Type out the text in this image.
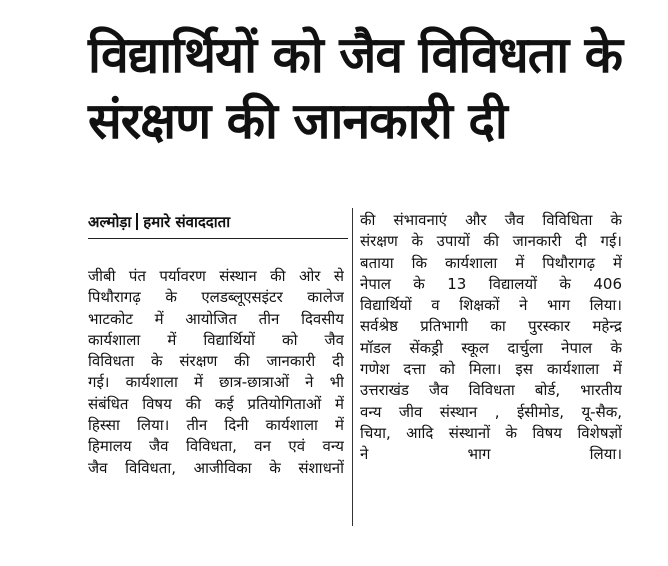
विद्यार्थियों को जैव विविधता के
संरक्षण की जानकारी दी
अल्मोड़ा हमारे संवाददाता
जीबी पंत पर्यावरण संस्थान की ओर से
पिथौरागढ़ के एलडब्लूएसइंटर कालेज
भाटकोट में आयोजित तीन दिवसीय
कार्यशाला में विद्यार्थियों को जैव
विविधता के संरक्षण की जानकारी दी
गई। कार्यशाला में छात्र-छात्राओं ने भी
संबंधित विषय की कई प्रतियोगिताओं में
हिस्सा लिया। तीन दिनी कार्यशाला में
हिमालय जैव विविधता, वन एवं वन्य
जैव विविधता, आजीविका के संशाधनों
की संभावनाएं और जैव विविधिता के
संरक्षण के उपायों की जानकारी दी गई।
बताया कि कार्यशाला में पिथौरागढ़ में
नेपाल के 13 विद्यालयों के 406
विद्यार्थियों व शिक्षकों ने भाग लिया।
सर्वश्रेष्ठ प्रतिभागी का पुरस्कार महेन्द्र
मॉडल सेंकड्री स्कूल दार्चुला नेपाल के
गणेश दत्ता को मिला। इस कार्यशाला में
उत्तराखंड जैव विविधता बोर्ड, भारतीय
वन्य जीव संस्थान , ईसीमोड, यू-सैक,
चिया, आदि संस्थानों के विषय विशेषज्ञों
ने भाग लिया।
